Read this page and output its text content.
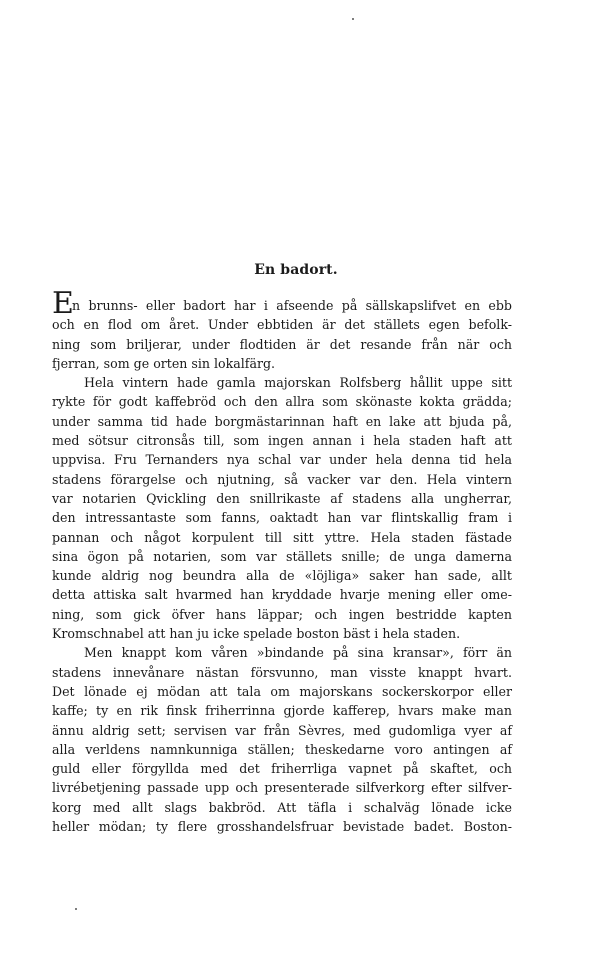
En badort.
E
n brunns- eller badort har i afseende på sällskapslifvet en ebb
och en flod om året. Under ebbtiden är det ställets egen befolk-
ning som briljerar, under flodtiden är det resande från när och
fjerran, som ge orten sin lokalfärg.
Hela vintern hade gamla majorskan Rolfsberg hållit uppe sitt
rykte för godt kaffebröd och den allra som skönaste kokta grädda;
under samma tid hade borgmästarinnan haft en lake att bjuda på,
med sötsur citronsås till, som ingen annan i hela staden haft att
uppvisa. Fru Ternanders nya schal var under hela denna tid hela
stadens förargelse och njutning, så vacker var den. Hela vintern
var notarien Qvickling den snillrikaste af stadens alla ungherrar,
den intressantaste som fanns, oaktadt han var flintskallig fram i
pannan och något korpulent till sitt yttre. Hela staden fästade
sina ögon på notarien, som var ställets snille; de unga damerna
kunde aldrig nog beundra alla de «löjliga» saker han sade, allt
detta attiska salt hvarmed han kryddade hvarje mening eller ome-
ning, som gick öfver hans läppar; och ingen bestridde kapten
Kromschnabel att han ju icke spelade boston bäst i hela staden.
Men knappt kom våren »bindande på sina kransar», förr än
stadens innevånare nästan försvunno, man visste knappt hvart.
Det lönade ej mödan att tala om majorskans sockerskorpor eller
kaffe; ty en rik finsk friherrinna gjorde kafferep, hvars make man
ännu aldrig sett; servisen var från Sèvres, med gudomliga vyer af
alla verldens namnkunniga ställen; theskedarne voro antingen af
guld eller förgyllda med det friherrliga vapnet på skaftet, och
livrébetjening passade upp och presenterade silfverkorg efter silfver-
korg med allt slags bakbröd. Att täfla i schalväg lönade icke
heller mödan; ty flere grosshandelsfruar bevistade badet. Boston-
